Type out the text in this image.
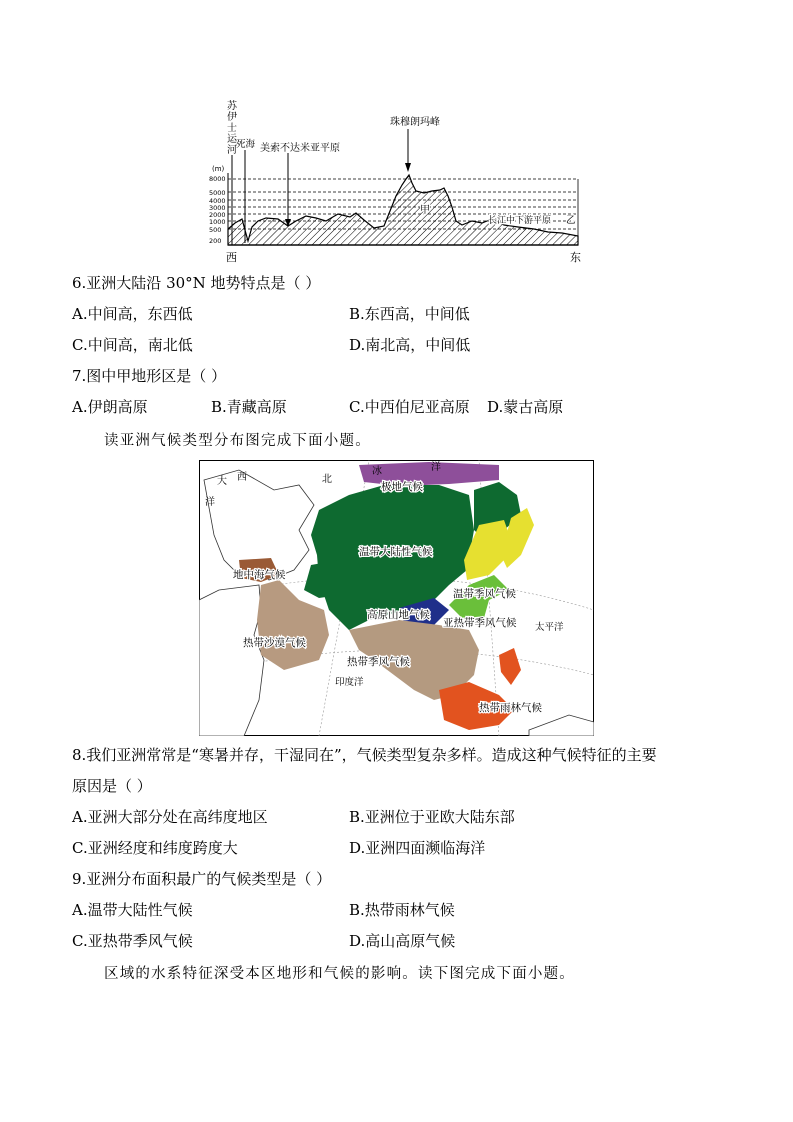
苏
伊
士
运
河
死海 美索不达米亚平原
珠穆朗玛峰
(m)
8000
5000
4000
3000
2000
1000
500
200
甲
长江中下游平原 乙
西	东
6.亚洲大陆沿 30°N 地势特点是（ ）
A.中间高，东西低	B.东西高，中间低
C.中间高，南北低	D.南北高，中间低
7.图中甲地形区是（ ）
A.伊朗高原	B.青藏高原	C.中西伯尼亚高原 D.蒙古高原
读亚洲气候类型分布图完成下面小题。
北
冰	洋
大 西
洋
太平洋
印度洋
极地气候
温带大陆性气候
地中海气候
温带季风气候
高原山地气候
亚热带季风气候
热带沙漠气候
热带季风气候
热带雨林气候
8.我们亚洲常常是“寒暑并存，干湿同在”，气候类型复杂多样。造成这种气候特征的主要
原因是（ ）
A.亚洲大部分处在高纬度地区	B.亚洲位于亚欧大陆东部
C.亚洲经度和纬度跨度大	D.亚洲四面濒临海洋
9.亚洲分布面积最广的气候类型是（ ）
A.温带大陆性气候	B.热带雨林气候
C.亚热带季风气候	D.高山高原气候
区域的水系特征深受本区地形和气候的影响。读下图完成下面小题。
